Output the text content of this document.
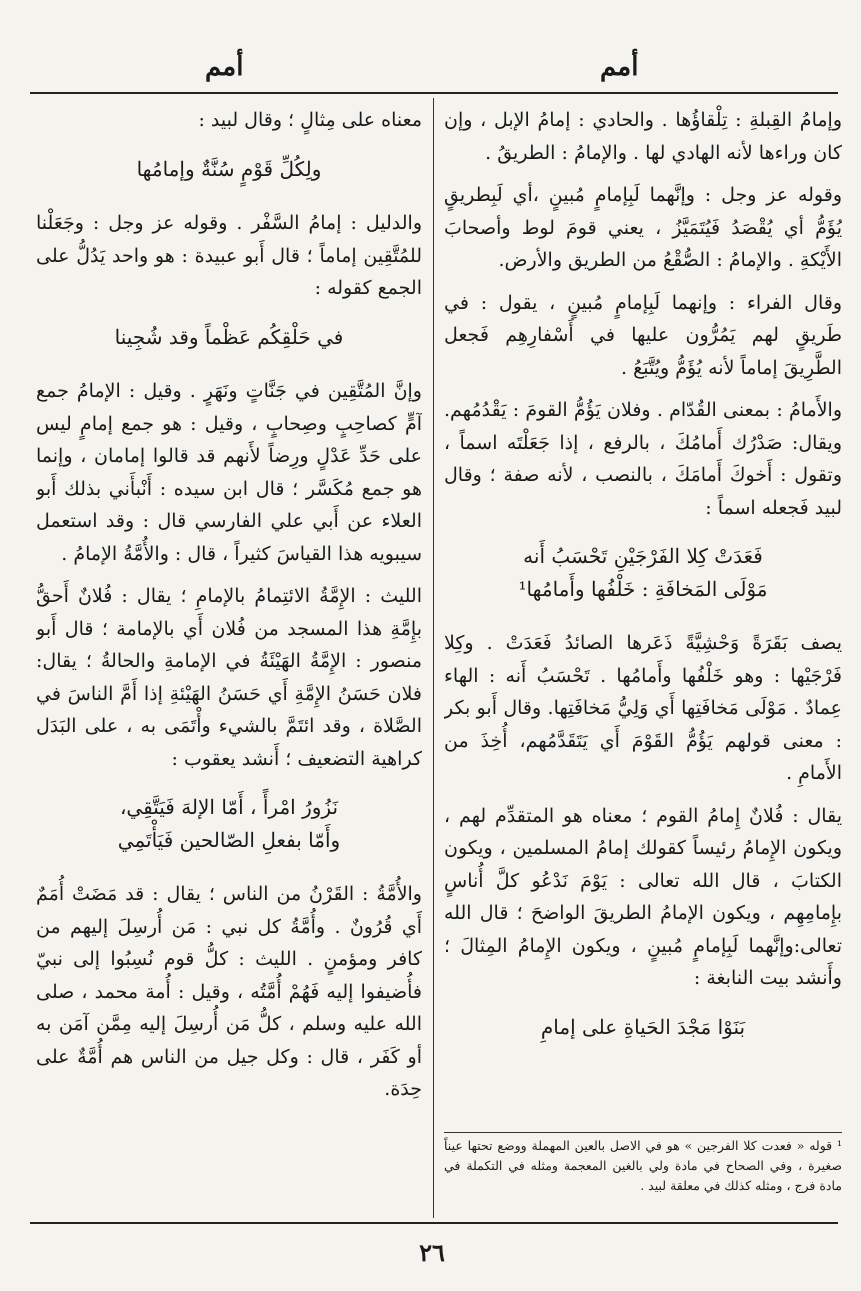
أمم
أمم

وإمامُ القِبلةِ : تِلْقاؤُها . والحادي : إمامُ الإبل ، وإن كان وراءها لأنه الهادي لها . والإمامُ : الطريقُ .

وقوله عز وجل : وإنَّهما لَبِإمامٍ مُبينٍ ،أي لَبِطريقٍ يُؤَمُّ أي يُقْصَدُ فَيُتَمَيَّزُ ، يعني قومَ لوط وأصحابَ الأَيْكةِ . والإمامُ : الصُّقْعُ من الطريق والأرض.

وقال الفراء : وإنهما لَبِإمامٍ مُبينٍ ، يقول : في طَريقٍ لهم يَمُرُّون عليها في أَسْفارِهِم فَجعل الطَّرِيقَ إماماً لأنه يُؤَمُّ ويُتَّبَعُ .

والأَمامُ : بمعنى القُدّام . وفلان يَؤُمُّ القومَ : يَقْدُمُهم. ويقال: صَدْرُك أَمامُكَ ، بالرفع ، إذا جَعَلْتَه اسماً ، وتقول : أَخوكَ أَمامَكَ ، بالنصب ، لأنه صفة ؛ وقال لبيد فَجعله اسماً :

فَعَدَتْ كِلا الفَرْجَيْنِ تَحْسَبُ أَنه
مَوْلَى المَخافَةِ : خَلْفُها وأَمامُها¹

يصف بَقَرَةً وَحْشِيَّةً ذَعَرها الصائدُ فَعَدَتْ . وكِلا فَرْجَيْها : وهو خَلْفُها وأَمامُها . تَحْسَبُ أَنه : الهاء عِمادٌ . مَوْلَى مَخافَتِها أَي وَلِيُّ مَخافَتِها. وقال أَبو بكر : معنى قولهم يَؤُمُّ القَوْمَ أَي يَتَقَدَّمُهم، أُخِذَ من الأَمامِ .

يقال : فُلانٌ إِمامُ القوم ؛ معناه هو المتقدِّم لهم ، ويكون الإِمامُ رئيساً كقولك إمامُ المسلمين ، ويكون الكتابَ ، قال الله تعالى : يَوْمَ نَدْعُو كلَّ أُناسٍ بإِمامِهِم ، ويكون الإمامُ الطريقَ الواضحَ ؛ قال الله تعالى:وإنَّهما لَبِإمامٍ مُبينٍ ، ويكون الإِمامُ المِثالَ ؛ وأَنشد بيت النابغة :

بَنَوْا مَجْدَ الحَياةِ على إمامِ
¹ قوله « فعدت كلا الفرجين » هو في الاصل بالعين المهملة ووضع تحتها عيناً صغيرة ، وفي الصحاح في مادة ولي بالغين المعجمة ومثله في التكملة في مادة فرج ، ومثله كذلك في معلقة لبيد .

معناه على مِثالٍ ؛ وقال لبيد :

ولِكُلِّ قَوْمٍ سُنَّةٌ وإمامُها

والدليل : إمامُ السَّفْر . وقوله عز وجل : وجَعَلْنا للمُتَّقِين إماماً ؛ قال أَبو عبيدة : هو واحد يَدُلُّ على الجمع كقوله :

في حَلْقِكُم عَظْماً وقد شُجِينا

وإنَّ المُتَّقِين في جَنَّاتٍ ونَهَرٍ . وقيل : الإمامُ جمع آمٍّ كصاحِبٍ وصِحابٍ ، وقيل : هو جمع إمامٍ ليس على حَدِّ عَدْلٍ ورِضاً لأَنهم قد قالوا إمامان ، وإنما هو جمع مُكَسَّر ؛ قال ابن سيده : أَنْبأَني بذلك أَبو العلاء عن أَبي علي الفارسي قال : وقد استعمل سيبويه هذا القياسَ كثيراً ، قال : والأُمَّةُ الإمامُ .

الليث : الإِمَّةُ الائتِمامُ بالإمامِ ؛ يقال : فُلانٌ أَحقُّ بإِمَّةِ هذا المسجد من فُلان أَي بالإمامة ؛ قال أَبو منصور : الإِمَّةُ الهَيْئَةُ في الإمامةِ والحالةُ ؛ يقال: فلان حَسَنُ الإِمَّةِ أَي حَسَنُ الهَيْئةِ إذا أَمَّ الناسَ في الصَّلاة ، وقد ائتَمَّ بالشيء وأْتَمَى به ، على البَدَل كراهية التضعيف ؛ أَنشد يعقوب :

نَزُورُ امْرأً ، أَمّا الإلهَ فَيَتَّقِي،
وأَمّا بفعلِ الصّالحين فَيَأْتَمِي

والأُمَّةُ : القَرْنُ من الناس ؛ يقال : قد مَضَتْ أُمَمٌ أَي قُرُونٌ . وأُمَّةُ كل نبي : مَن أُرسِلَ إليهم من كافر ومؤمنٍ . الليث : كلُّ قوم نُسِبُوا إلى نبيّ فأُضيفوا إليه فَهُمْ أُمَّتُه ، وقيل : أُمة محمد ، صلى الله عليه وسلم ، كلُّ مَن أُرسِلَ إليه مِمَّن آمَن به أو كَفَر ، قال : وكل جيل من الناس هم أُمَّةٌ على حِدَة.

٢٦
